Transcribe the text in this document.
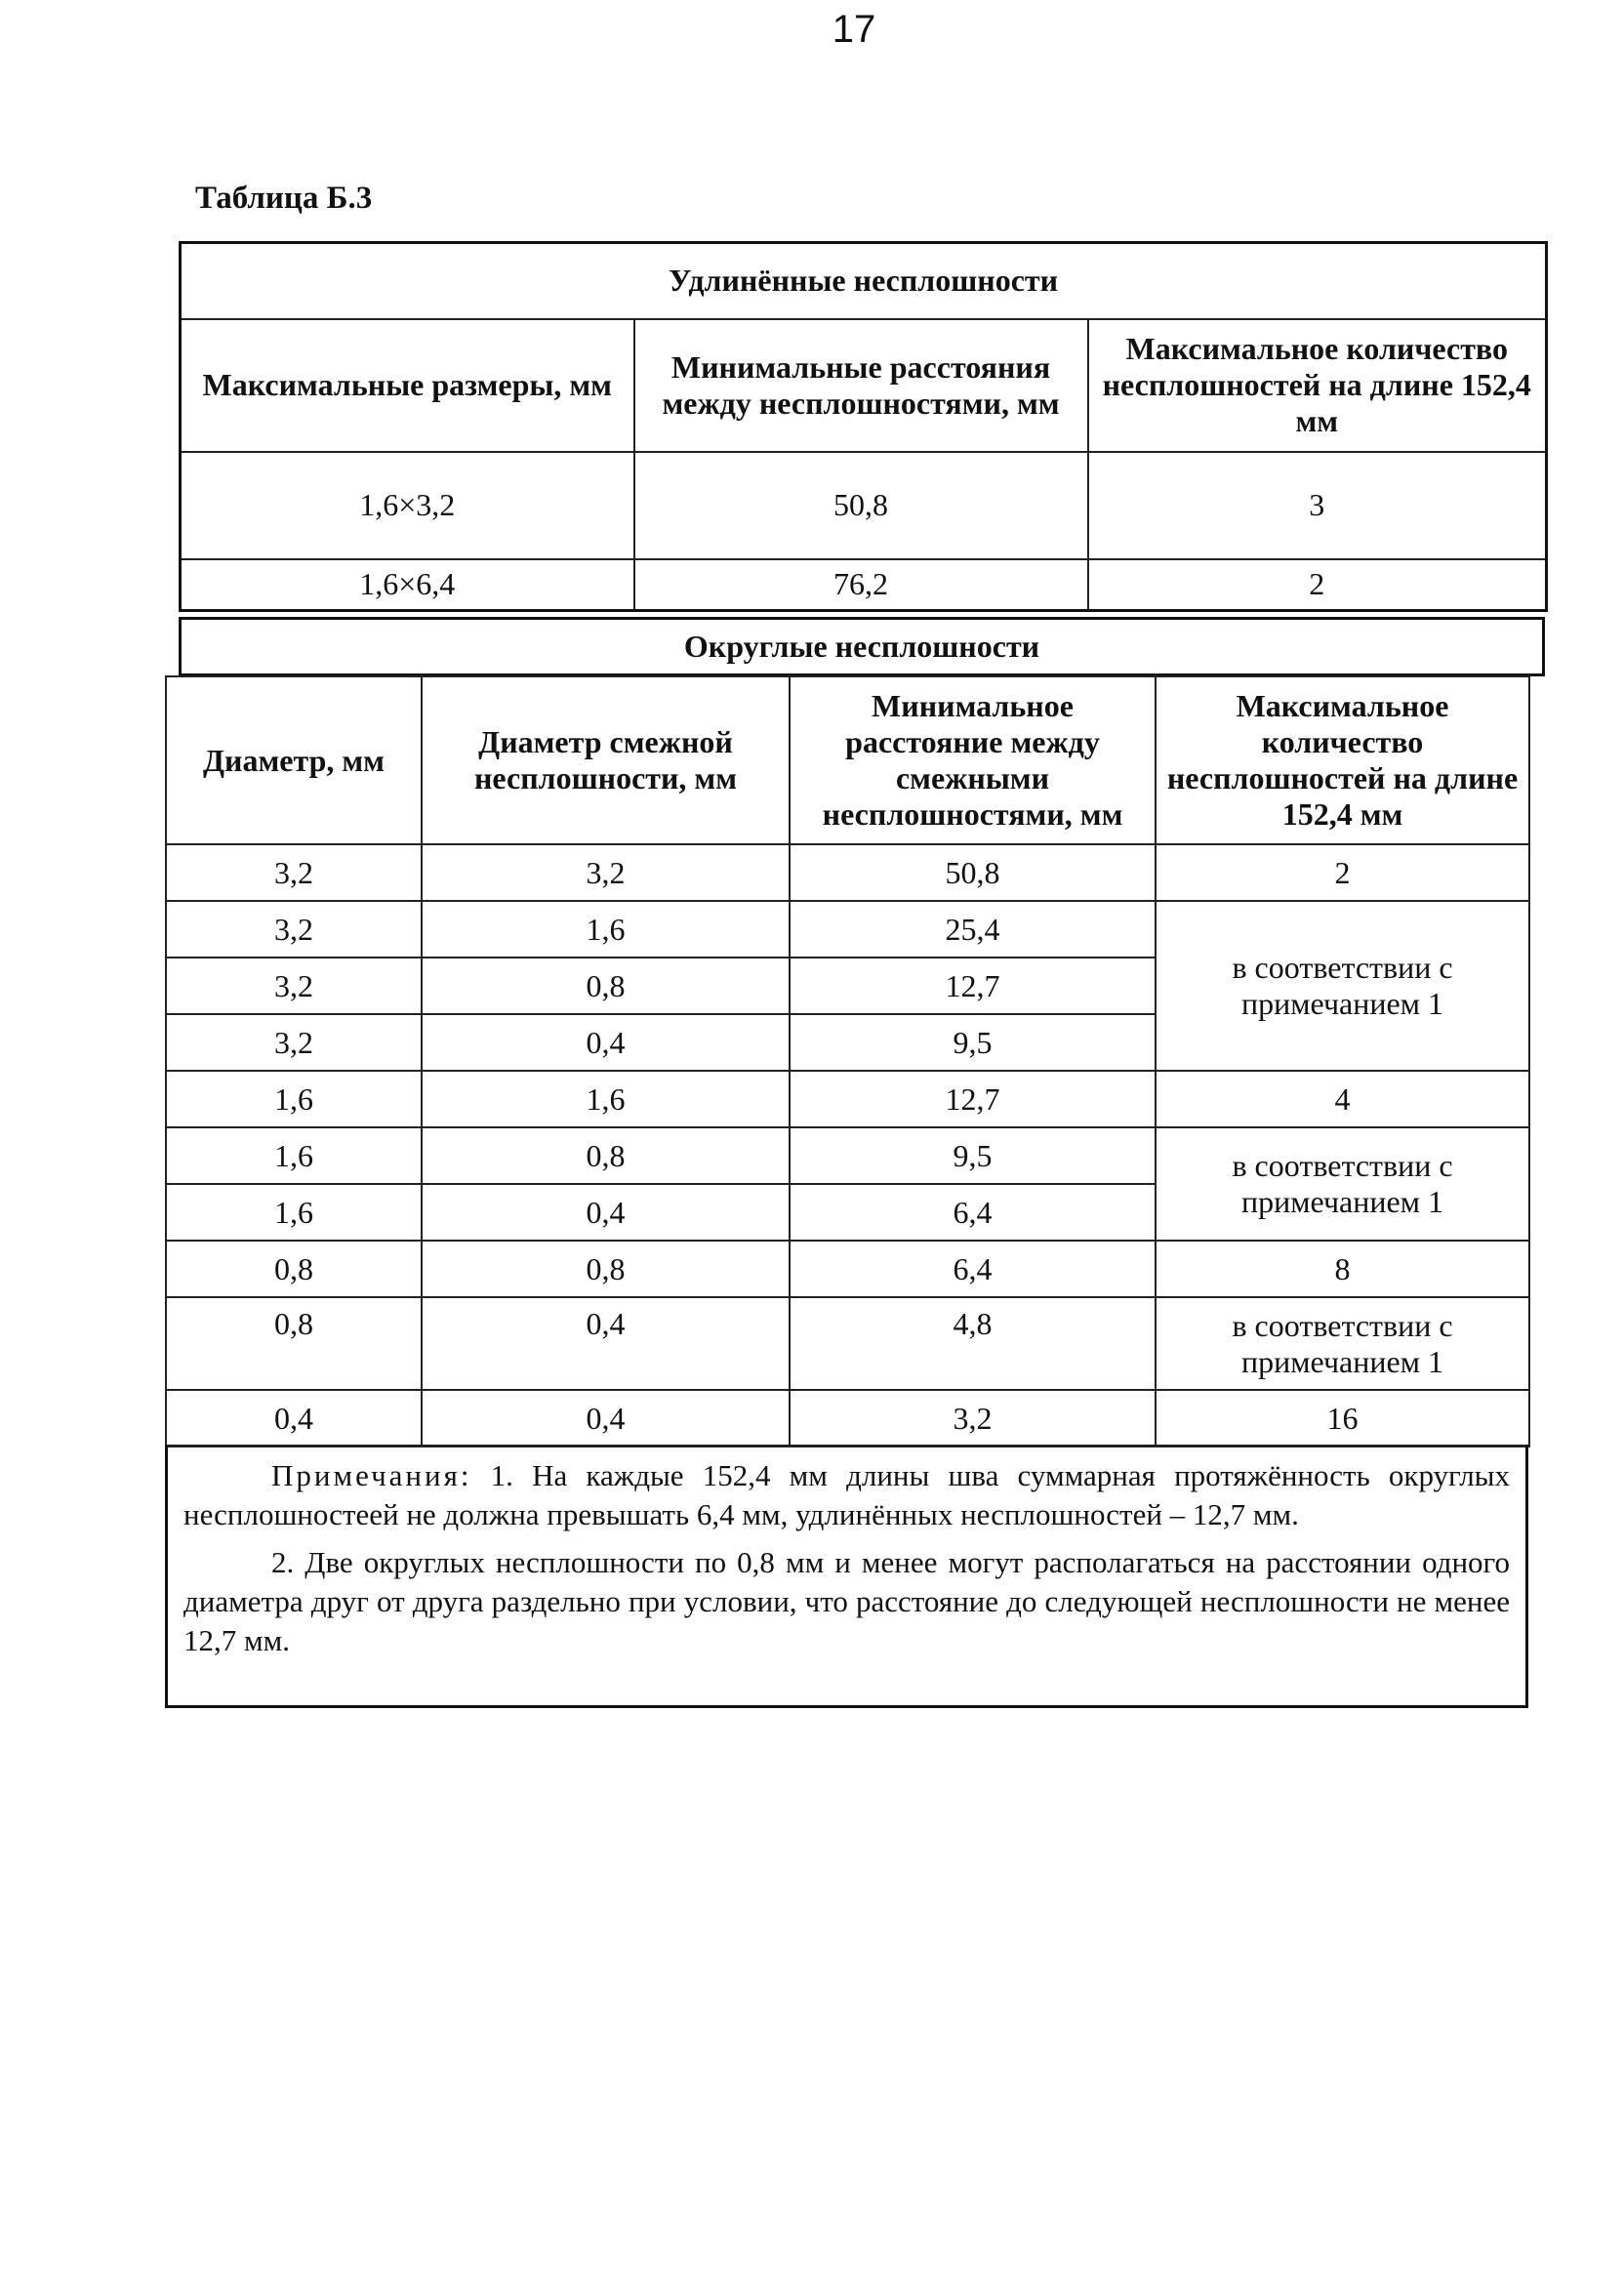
17
Таблица Б.3
Удлинённые несплошности		
Максимальные размеры, мм	Минимальные расстояния между несплошностями, мм	Максимальное количество несплошностей на длине 152,4 мм
1,6×3,2	50,8	3
1,6×6,4	76,2	2
Округлые несплошности
Диаметр, мм	Диаметр смежной несплошности, мм	Минимальное расстояние между смежными несплошностями, мм	Максимальное количество несплошностей на длине 152,4 мм
3,2	3,2	50,8	2
3,2	1,6	25,4	в соответствии с примечанием 1
3,2	0,8	12,7	
3,2	0,4	9,5	
1,6	1,6	12,7	4
1,6	0,8	9,5	в соответствии с примечанием 1
1,6	0,4	6,4	
0,8	0,8	6,4	8
0,8	0,4	4,8	в соответствии с примечанием 1
0,4	0,4	3,2	16

Примечания: 1. На каждые 152,4 мм длины шва суммарная протяжённость округлых несплошностеей не должна превышать 6,4 мм, удлинённых несплошностей – 12,7 мм.

2. Две округлых несплошности по 0,8 мм и менее могут располагаться на расстоянии одного диаметра друг от друга раздельно при условии, что расстояние до следующей несплошности не менее 12,7 мм.
